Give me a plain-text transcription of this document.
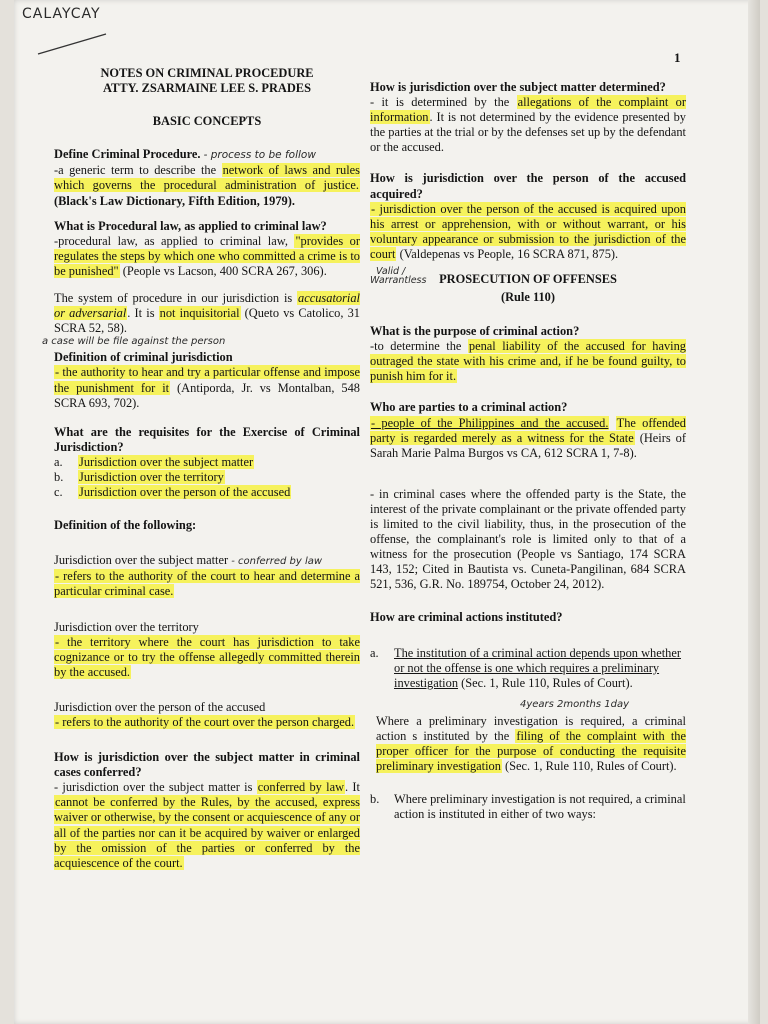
CALAYCAY
1

NOTES ON CRIMINAL PROCEDURE

ATTY. ZSARMAINE LEE S. PRADES

BASIC CONCEPTS

Define Criminal Procedure. - process to be follow
-a generic term to describe the network of laws and rules which governs the procedural administration of justice. (Black's Law Dictionary, Fifth Edition, 1979).

What is Procedural law, as applied to criminal law?
-procedural law, as applied to criminal law, "provides or regulates the steps by which one who committed a crime is to be punished" (People vs Lacson, 400 SCRA 267, 306).

The system of procedure in our jurisdiction is accusatorial or adversarial. It is not inquisitorial (Queto vs Catolico, 31 SCRA 52, 58).

Definition of criminal jurisdiction
- the authority to hear and try a particular offense and impose the punishment for it (Antiporda, Jr. vs Montalban, 548 SCRA 693, 702).

What are the requisites for the Exercise of Criminal Jurisdiction?

a. Jurisdiction over the subject matter
b. Jurisdiction over the territory
c. Jurisdiction over the person of the accused

Definition of the following:

Jurisdiction over the subject matter - conferred by law
- refers to the authority of the court to hear and determine a particular criminal case.

Jurisdiction over the territory
- the territory where the court has jurisdiction to take cognizance or to try the offense allegedly committed therein by the accused.

Jurisdiction over the person of the accused
- refers to the authority of the court over the person charged.

How is jurisdiction over the subject matter in criminal cases conferred?
- jurisdiction over the subject matter is conferred by law. It cannot be conferred by the Rules, by the accused, express waiver or otherwise, by the consent or acquiescence of any or all of the parties nor can it be acquired by waiver or enlarged by the omission of the parties or conferred by the acquiescence of the court.

a case will be file against the person

How is jurisdiction over the subject matter determined?
- it is determined by the allegations of the complaint or information. It is not determined by the evidence presented by the parties at the trial or by the defenses set up by the defendant or the accused.

How is jurisdiction over the person of the accused acquired?
- jurisdiction over the person of the accused is acquired upon his arrest or apprehension, with or without warrant, or his voluntary appearance or submission to the jurisdiction of the court (Valdepenas vs People, 16 SCRA 871, 875).

Valid /
Warrantless	PROSECUTION OF OFFENSES
(Rule 110)

What is the purpose of criminal action?
-to determine the penal liability of the accused for having outraged the state with his crime and, if he be found guilty, to punish him for it.

Who are parties to a criminal action?
- people of the Philippines and the accused. The offended party is regarded merely as a witness for the State (Heirs of Sarah Marie Palma Burgos vs CA, 612 SCRA 1, 7-8).

- in criminal cases where the offended party is the State, the interest of the private complainant or the private offended party is limited to the civil liability, thus, in the prosecution of the offense, the complainant's role is limited only to that of a witness for the prosecution (People vs Santiago, 174 SCRA 143, 152; Cited in Bautista vs. Cuneta-Pangilinan, 684 SCRA 521, 536, G.R. No. 189754, October 24, 2012).

How are criminal actions instituted?

a. The institution of a criminal action depends upon whether or not the offense is one which requires a preliminary investigation (Sec. 1, Rule 110, Rules of Court).
4years 2months 1day

Where a preliminary investigation is required, a criminal action s instituted by the filing of the complaint with the proper officer for the purpose of conducting the requisite preliminary investigation (Sec. 1, Rule 110, Rules of Court).

b. Where preliminary investigation is not required, a criminal action is instituted in either of two ways:
